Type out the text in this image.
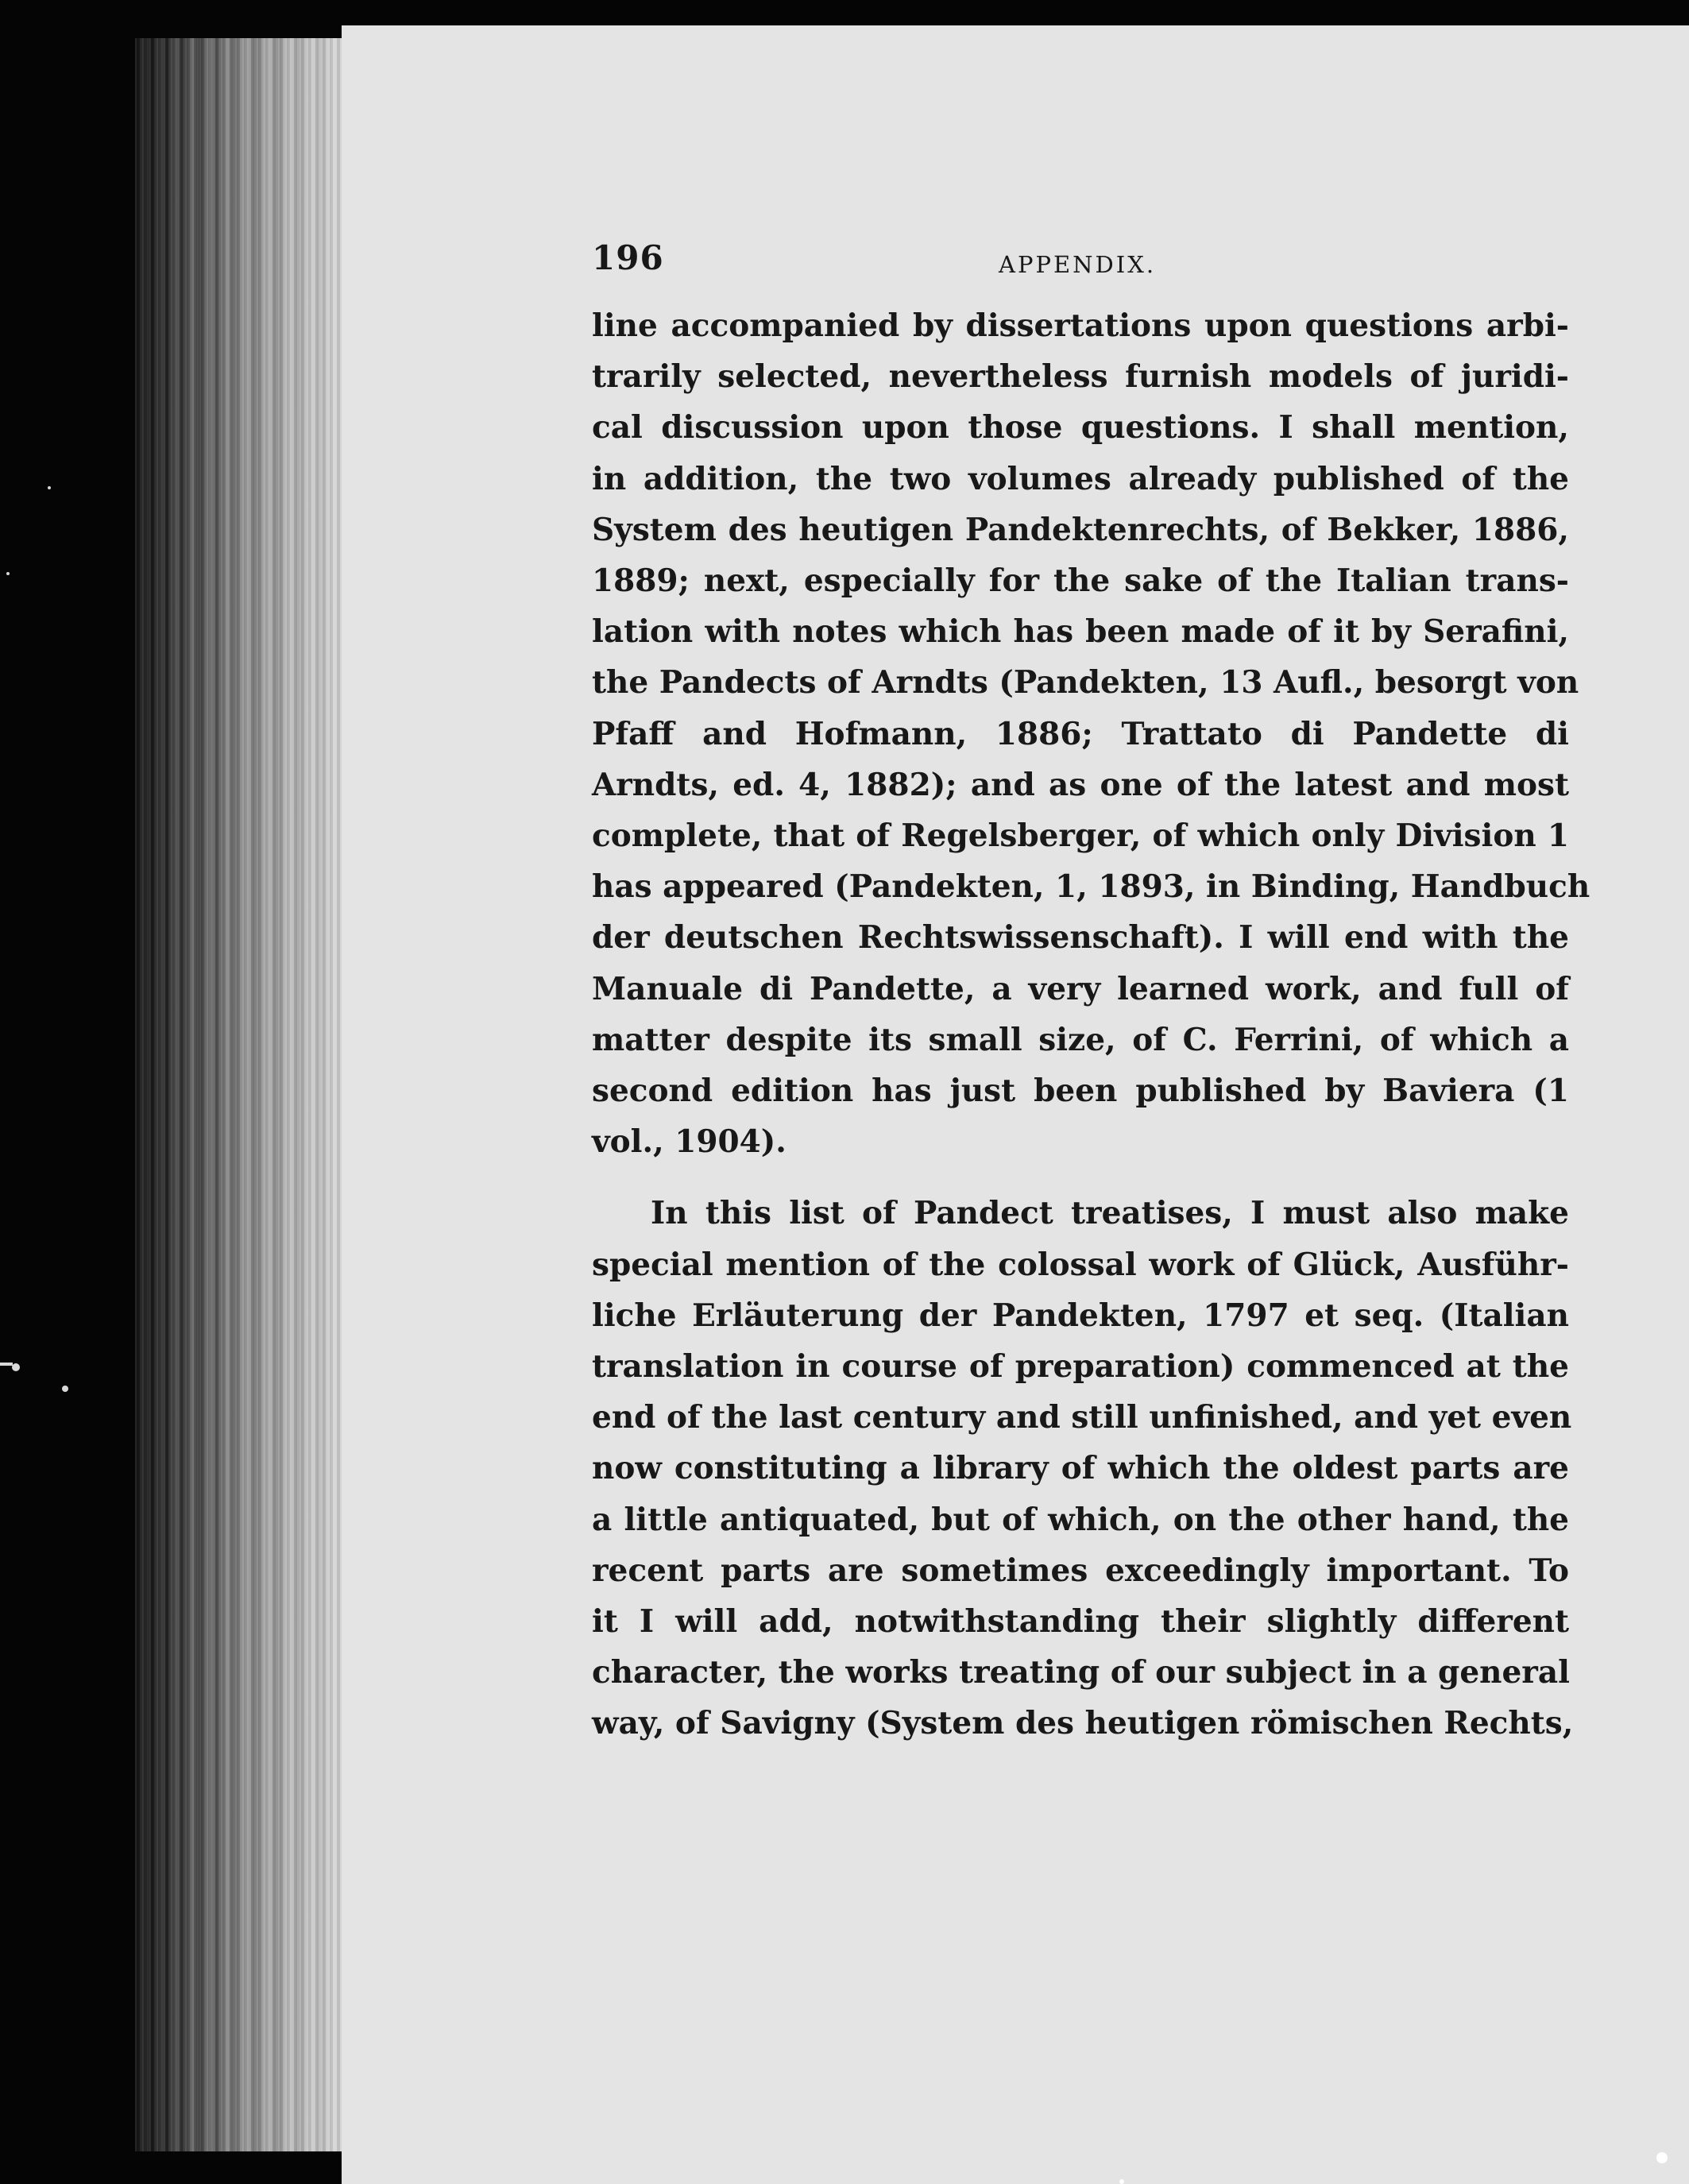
196	APPENDIX.

line accompanied by dissertations upon questions arbi-
trarily selected, nevertheless furnish models of juridi-
cal discussion upon those questions. I shall mention,
in addition, the two volumes already published of the
System des heutigen Pandektenrechts, of Bekker, 1886,
1889; next, especially for the sake of the Italian trans-
lation with notes which has been made of it by Serafini,
the Pandects of Arndts (Pandekten, 13 Aufl., besorgt von
Pfaff and Hofmann, 1886; Trattato di Pandette di
Arndts, ed. 4, 1882); and as one of the latest and most
complete, that of Regelsberger, of which only Division 1
has appeared (Pandekten, 1, 1893, in Binding, Handbuch
der deutschen Rechtswissenschaft). I will end with the
Manuale di Pandette, a very learned work, and full of
matter despite its small size, of C. Ferrini, of which a
second edition has just been published by Baviera (1
vol., 1904).

In this list of Pandect treatises, I must also make
special mention of the colossal work of Glück, Ausführ-
liche Erläuterung der Pandekten, 1797 et seq. (Italian
translation in course of preparation) commenced at the
end of the last century and still unfinished, and yet even
now constituting a library of which the oldest parts are
a little antiquated, but of which, on the other hand, the
recent parts are sometimes exceedingly important. To
it I will add, notwithstanding their slightly different
character, the works treating of our subject in a general
way, of Savigny (System des heutigen römischen Rechts,
